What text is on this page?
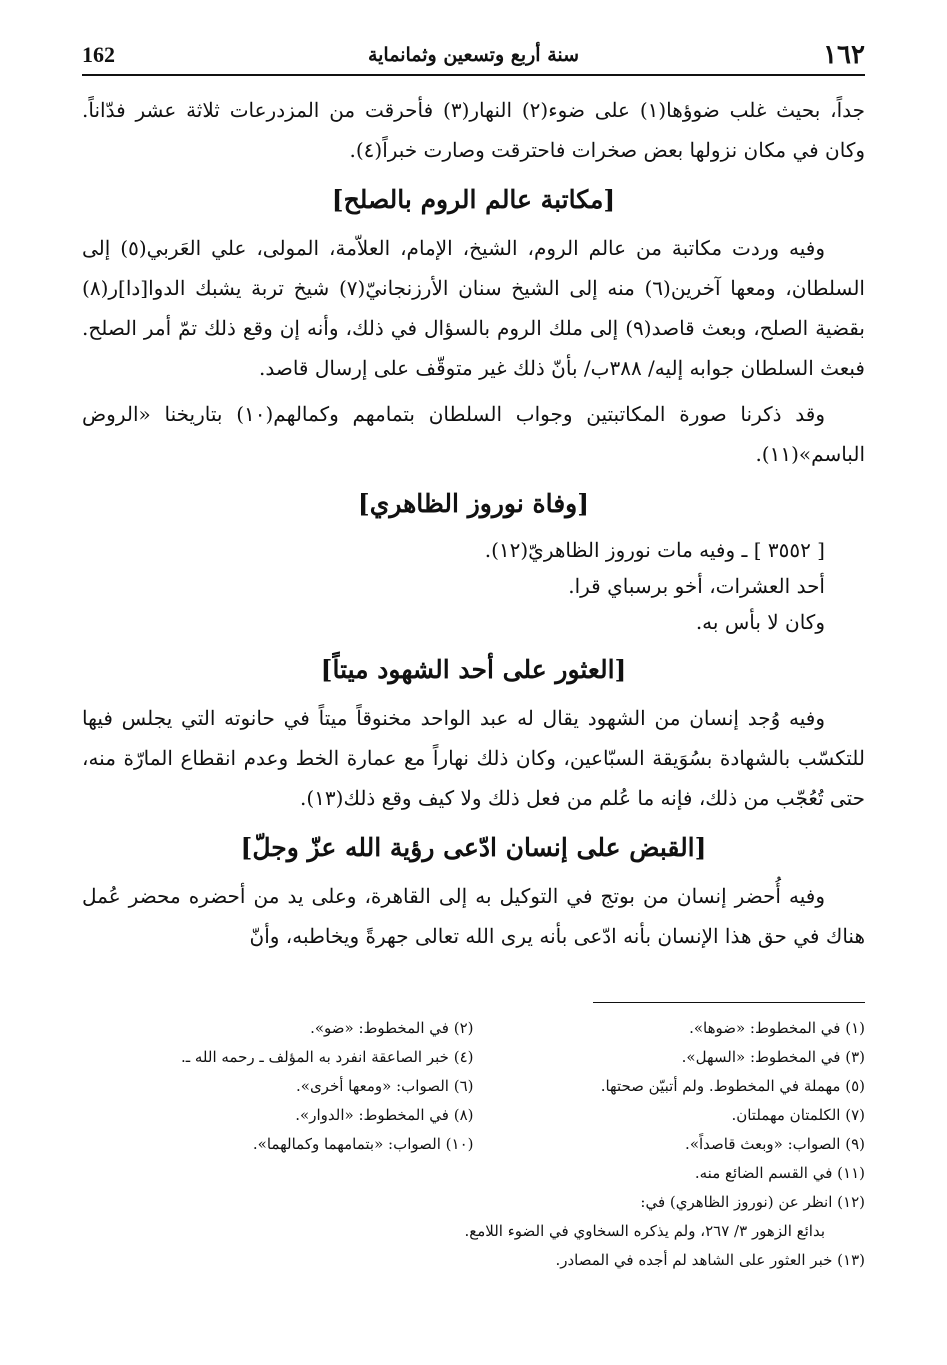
١٦٢
سنة أربع وتسعين وثمانماية
162

جداً، بحيث غلب ضوؤها(١) على ضوء(٢) النهار(٣) فأحرقت من المزدرعات ثلاثة عشر فدّاناً. وكان في مكان نزولها بعض صخرات فاحترقت وصارت خبراً(٤).

[مكاتبة عالم الروم بالصلح]

وفيه وردت مكاتبة من عالم الروم، الشيخ، الإمام، العلاّمة، المولى، علي العَربي(٥) إلى السلطان، ومعها آخرين(٦) منه إلى الشيخ سنان الأرزنجانيّ(٧) شيخ تربة يشبك الدوا[دا]ر(٨) بقضية الصلح، وبعث قاصد(٩) إلى ملك الروم بالسؤال في ذلك، وأنه إن وقع ذلك تمّ أمر الصلح. فبعث السلطان جوابه إليه/ ٣٨٨ب/ بأنّ ذلك غير متوقّف على إرسال قاصد.

وقد ذكرنا صورة المكاتبتين وجواب السلطان بتمامهم وكمالهم(١٠) بتاريخنا «الروض الباسم»(١١).

[وفاة نوروز الظاهري]

[ ٣٥٥٢ ] ـ وفيه مات نوروز الظاهريّ(١٢).

أحد العشرات، أخو برسباي قرا.

وكان لا بأس به.

[العثور على أحد الشهود ميتاً]

وفيه وُجد إنسان من الشهود يقال له عبد الواحد مخنوقاً ميتاً في حانوته التي يجلس فيها للتكسّب بالشهادة بسُوَيقة السبّاعين، وكان ذلك نهاراً مع عمارة الخط وعدم انقطاع المارّة منه، حتى تُعُجّب من ذلك، فإنه ما عُلم من فعل ذلك ولا كيف وقع ذلك(١٣).

[القبض على إنسان ادّعى رؤية الله عزّ وجلّ]

وفيه أُحضر إنسان من بوتج في التوكيل به إلى القاهرة، وعلى يد من أحضره محضر عُمل هناك في حق هذا الإنسان بأنه ادّعى بأنه يرى الله تعالى جهرةً ويخاطبه، وأنّ

(١) في المخطوط: «ضوها».
(٢) في المخطوط: «ضو».
(٣) في المخطوط: «السهل».
(٤) خبر الصاعقة انفرد به المؤلف ـ رحمه الله ـ.
(٥) مهملة في المخطوط. ولم أتبيّن صحتها.
(٦) الصواب: «ومعها أخرى».
(٧) الكلمتان مهملتان.
(٨) في المخطوط: «الدوار».
(٩) الصواب: «وبعث قاصداً».
(١٠) الصواب: «بتمامهما وكمالهما».
(١١) في القسم الضائع منه.
(١٢) انظر عن (نوروز الظاهري) في:
بدائع الزهور ٣/ ٢٦٧، ولم يذكره السخاوي في الضوء اللامع.
(١٣) خبر العثور على الشاهد لم أجده في المصادر.
